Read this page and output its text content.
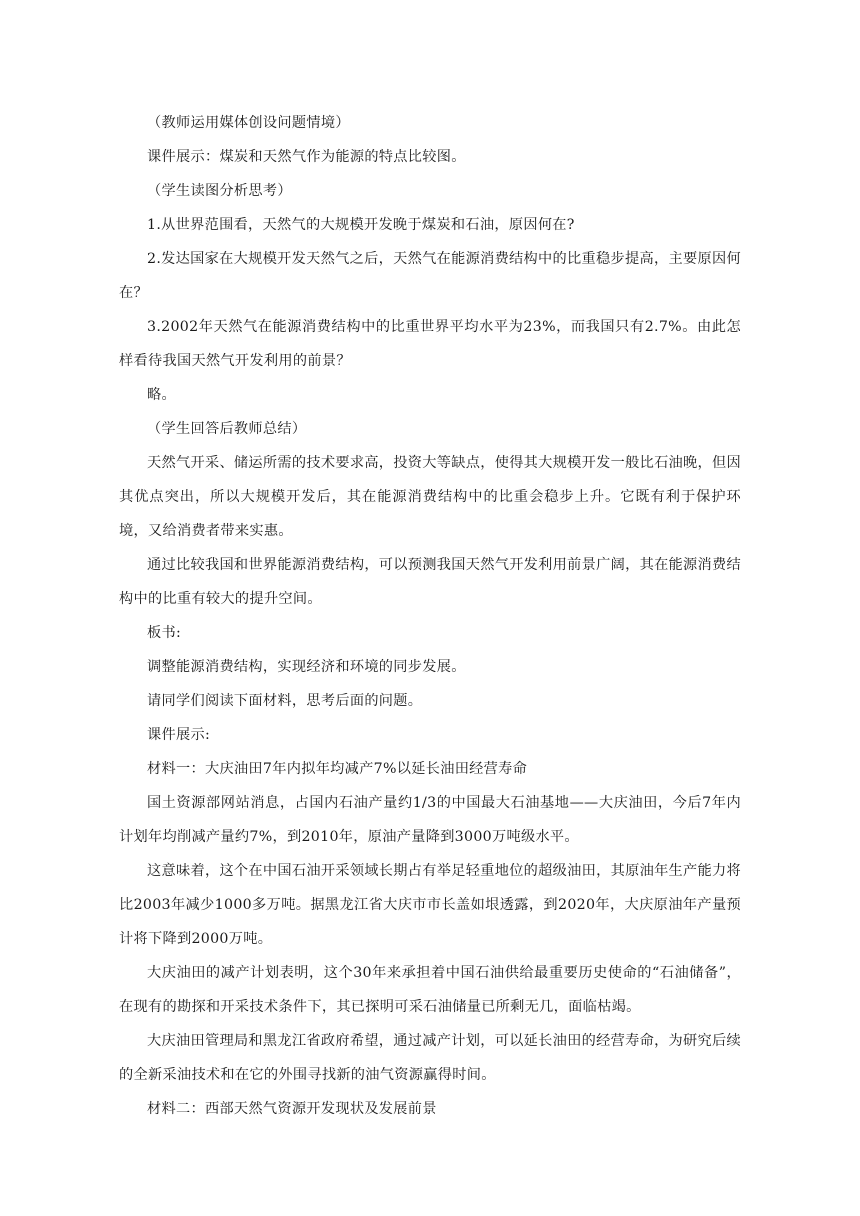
（教师运用媒体创设问题情境）

课件展示：煤炭和天然气作为能源的特点比较图。

（学生读图分析思考）

1.从世界范围看，天然气的大规模开发晚于煤炭和石油，原因何在?

2.发达国家在大规模开发天然气之后，天然气在能源消费结构中的比重稳步提高，主要原因何在？

3.2002年天然气在能源消费结构中的比重世界平均水平为23%，而我国只有2.7%。由此怎样看待我国天然气开发利用的前景？

略。

（学生回答后教师总结）

天然气开采、储运所需的技术要求高，投资大等缺点，使得其大规模开发一般比石油晚，但因其优点突出，所以大规模开发后，其在能源消费结构中的比重会稳步上升。它既有利于保护环境，又给消费者带来实惠。

通过比较我国和世界能源消费结构，可以预测我国天然气开发利用前景广阔，其在能源消费结构中的比重有较大的提升空间。

板书:

调整能源消费结构，实现经济和环境的同步发展。

请同学们阅读下面材料，思考后面的问题。

课件展示:

材料一：大庆油田7年内拟年均减产7%以延长油田经营寿命

国土资源部网站消息，占国内石油产量约1/3的中国最大石油基地——大庆油田，今后7年内计划年均削减产量约7%，到2010年，原油产量降到3000万吨级水平。

这意味着，这个在中国石油开采领域长期占有举足轻重地位的超级油田，其原油年生产能力将比2003年减少1000多万吨。据黑龙江省大庆市市长盖如垠透露，到2020年，大庆原油年产量预计将下降到2000万吨。

大庆油田的减产计划表明，这个30年来承担着中国石油供给最重要历史使命的“石油储备”，在现有的勘探和开采技术条件下，其已探明可采石油储量已所剩无几，面临枯竭。

大庆油田管理局和黑龙江省政府希望，通过减产计划，可以延长油田的经营寿命，为研究后续的全新采油技术和在它的外围寻找新的油气资源赢得时间。

材料二：西部天然气资源开发现状及发展前景
